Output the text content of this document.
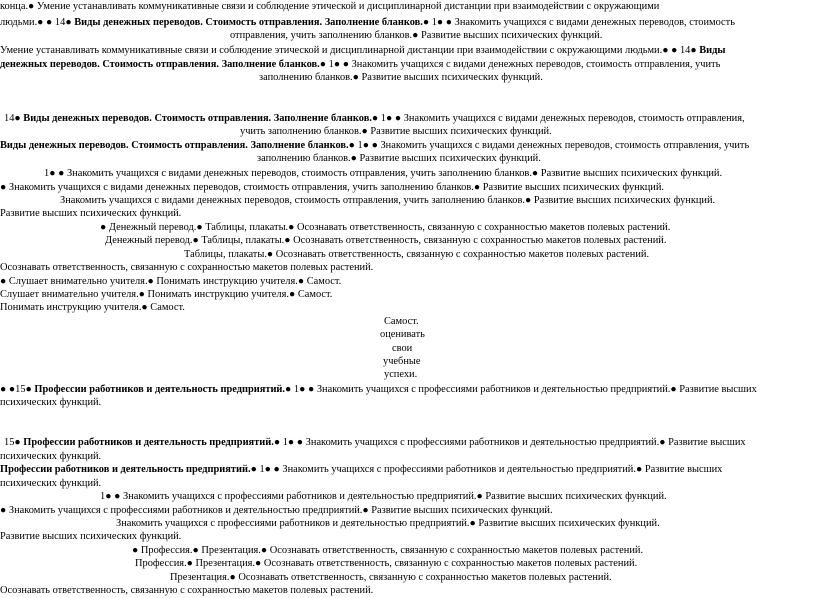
конца.● Умение устанавливать коммуникативные связи и соблюдение этической и дисциплинарной дистанции при взаимодействии с окружающими
людьми.● ● 14● Виды денежных переводов. Стоимость отправления. Заполнение бланков.● 1● ● Знакомить учащихся с видами денежных переводов, стоимость
отправления, учить заполнению бланков.● Развитие высших психических функций.
Умение устанавливать коммуникативные связи и соблюдение этической и дисциплинарной дистанции при взаимодействии с окружающими людьми.● ● 14● Виды
денежных переводов. Стоимость отправления. Заполнение бланков.● 1● ● Знакомить учащихся с видами денежных переводов, стоимость отправления, учить
заполнению бланков.● Развитие высших психических функций.
14● Виды денежных переводов. Стоимость отправления. Заполнение бланков.● 1● ● Знакомить учащихся с видами денежных переводов, стоимость отправления,
учить заполнению бланков.● Развитие высших психических функций.
Виды денежных переводов. Стоимость отправления. Заполнение бланков.● 1● ● Знакомить учащихся с видами денежных переводов, стоимость отправления, учить
заполнению бланков.● Развитие высших психических функций.
1● ● Знакомить учащихся с видами денежных переводов, стоимость отправления, учить заполнению бланков.● Развитие высших психических функций.
● Знакомить учащихся с видами денежных переводов, стоимость отправления, учить заполнению бланков.● Развитие высших психических функций.
Знакомить учащихся с видами денежных переводов, стоимость отправления, учить заполнению бланков.● Развитие высших психических функций.
Развитие высших психических функций.
● Денежный перевод.● Таблицы, плакаты.● Осознавать ответственность, связанную с сохранностью макетов полевых растений.
Денежный перевод.● Таблицы, плакаты.● Осознавать ответственность, связанную с сохранностью макетов полевых растений.
Таблицы, плакаты.● Осознавать ответственность, связанную с сохранностью макетов полевых растений.
Осознавать ответственность, связанную с сохранностью макетов полевых растений.
● Слушает внимательно учителя.● Понимать инструкцию учителя.● Самост.
Слушает внимательно учителя.● Понимать инструкцию учителя.● Самост.
Понимать инструкцию учителя.● Самост.
Самост.
оценивать
свои
учебные
успехи.
● ●15● Профессии работников и деятельность предприятий.● 1● ● Знакомить учащихся с профессиями работников и деятельностью предприятий.● Развитие высших
психических функций.
15● Профессии работников и деятельность предприятий.● 1● ● Знакомить учащихся с профессиями работников и деятельностью предприятий.● Развитие высших
психических функций.
Профессии работников и деятельность предприятий.● 1● ● Знакомить учащихся с профессиями работников и деятельностью предприятий.● Развитие высших
психических функций.
1● ● Знакомить учащихся с профессиями работников и деятельностью предприятий.● Развитие высших психических функций.
● Знакомить учащихся с профессиями работников и деятельностью предприятий.● Развитие высших психических функций.
Знакомить учащихся с профессиями работников и деятельностью предприятий.● Развитие высших психических функций.
Развитие высших психических функций.
● Профессия.● Презентация.● Осознавать ответственность, связанную с сохранностью макетов полевых растений.
Профессия.● Презентация.● Осознавать ответственность, связанную с сохранностью макетов полевых растений.
Презентация.● Осознавать ответственность, связанную с сохранностью макетов полевых растений.
Осознавать ответственность, связанную с сохранностью макетов полевых растений.
